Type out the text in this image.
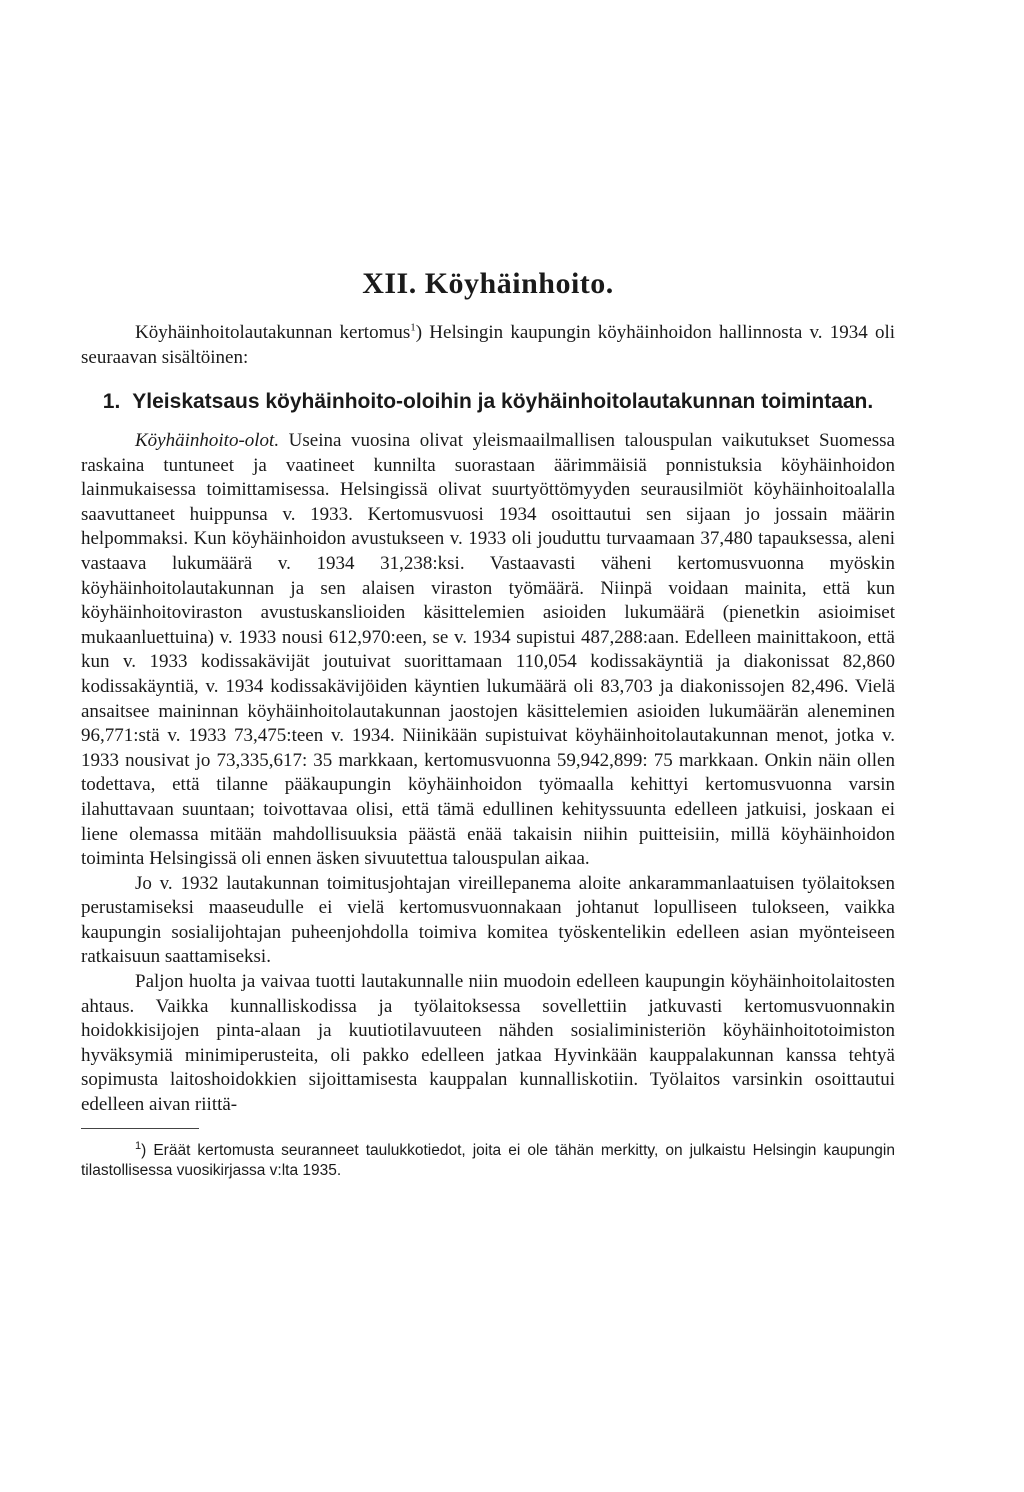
XII. Köyhäinhoito.

Köyhäinhoitolautakunnan kertomus$^1$) Helsingin kaupungin köyhäinhoidon hallinnosta v. 1934 oli seuraavan sisältöinen:

1. Yleiskatsaus köyhäinhoito-oloihin ja köyhäinhoitolautakunnan toimintaan.

Köyhäinhoito-olot. Useina vuosina olivat yleismaailmallisen talouspulan vaikutukset Suomessa raskaina tuntuneet ja vaatineet kunnilta suorastaan äärimmäisiä ponnistuksia köyhäinhoidon lainmukaisessa toimittamisessa. Helsingissä olivat suurtyöttömyyden seurausilmiöt köyhäinhoitoalalla saavuttaneet huippunsa v. 1933. Kertomusvuosi 1934 osoittautui sen sijaan jo jossain määrin helpommaksi. Kun köyhäinhoidon avustukseen v. 1933 oli jouduttu turvaamaan 37,480 tapauksessa, aleni vastaava lukumäärä v. 1934 31,238:ksi. Vastaavasti väheni kertomusvuonna myöskin köyhäinhoitolautakunnan ja sen alaisen viraston työmäärä. Niinpä voidaan mainita, että kun köyhäinhoitoviraston avustuskanslioiden käsittelemien asioiden lukumäärä (pienetkin asioimiset mukaanluettuina) v. 1933 nousi 612,970:een, se v. 1934 supistui 487,288:aan. Edelleen mainittakoon, että kun v. 1933 kodissakävijät joutuivat suorittamaan 110,054 kodissakäyntiä ja diakonissat 82,860 kodissakäyntiä, v. 1934 kodissakävijöiden käyntien lukumäärä oli 83,703 ja diakonissojen 82,496. Vielä ansaitsee maininnan köyhäinhoitolautakunnan jaostojen käsittelemien asioiden lukumäärän aleneminen 96,771:stä v. 1933 73,475:teen v. 1934. Niinikään supistuivat köyhäinhoitolautakunnan menot, jotka v. 1933 nousivat jo 73,335,617: 35 markkaan, kertomusvuonna 59,942,899: 75 markkaan. Onkin näin ollen todettava, että tilanne pääkaupungin köyhäinhoidon työmaalla kehittyi kertomusvuonna varsin ilahuttavaan suuntaan; toivottavaa olisi, että tämä edullinen kehityssuunta edelleen jatkuisi, joskaan ei liene olemassa mitään mahdollisuuksia päästä enää takaisin niihin puitteisiin, millä köyhäinhoidon toiminta Helsingissä oli ennen äsken sivuutettua talouspulan aikaa.

Jo v. 1932 lautakunnan toimitusjohtajan vireillepanema aloite ankarammanlaatuisen työlaitoksen perustamiseksi maaseudulle ei vielä kertomusvuonnakaan johtanut lopulliseen tulokseen, vaikka kaupungin sosialijohtajan puheenjohdolla toimiva komitea työskentelikin edelleen asian myönteiseen ratkaisuun saattamiseksi.

Paljon huolta ja vaivaa tuotti lautakunnalle niin muodoin edelleen kaupungin köyhäinhoitolaitosten ahtaus. Vaikka kunnalliskodissa ja työlaitoksessa sovellettiin jatkuvasti kertomusvuonnakin hoidokkisijojen pinta-alaan ja kuutiotilavuuteen nähden sosialiministeriön köyhäinhoitotoimiston hyväksymiä minimiperusteita, oli pakko edelleen jatkaa Hyvinkään kauppalakunnan kanssa tehtyä sopimusta laitoshoidokkien sijoittamisesta kauppalan kunnalliskotiin. Työlaitos varsinkin osoittautui edelleen aivan riittä-

$^1$) Eräät kertomusta seuranneet taulukkotiedot, joita ei ole tähän merkitty, on julkaistu Helsingin kaupungin tilastollisessa vuosikirjassa v:lta 1935.
